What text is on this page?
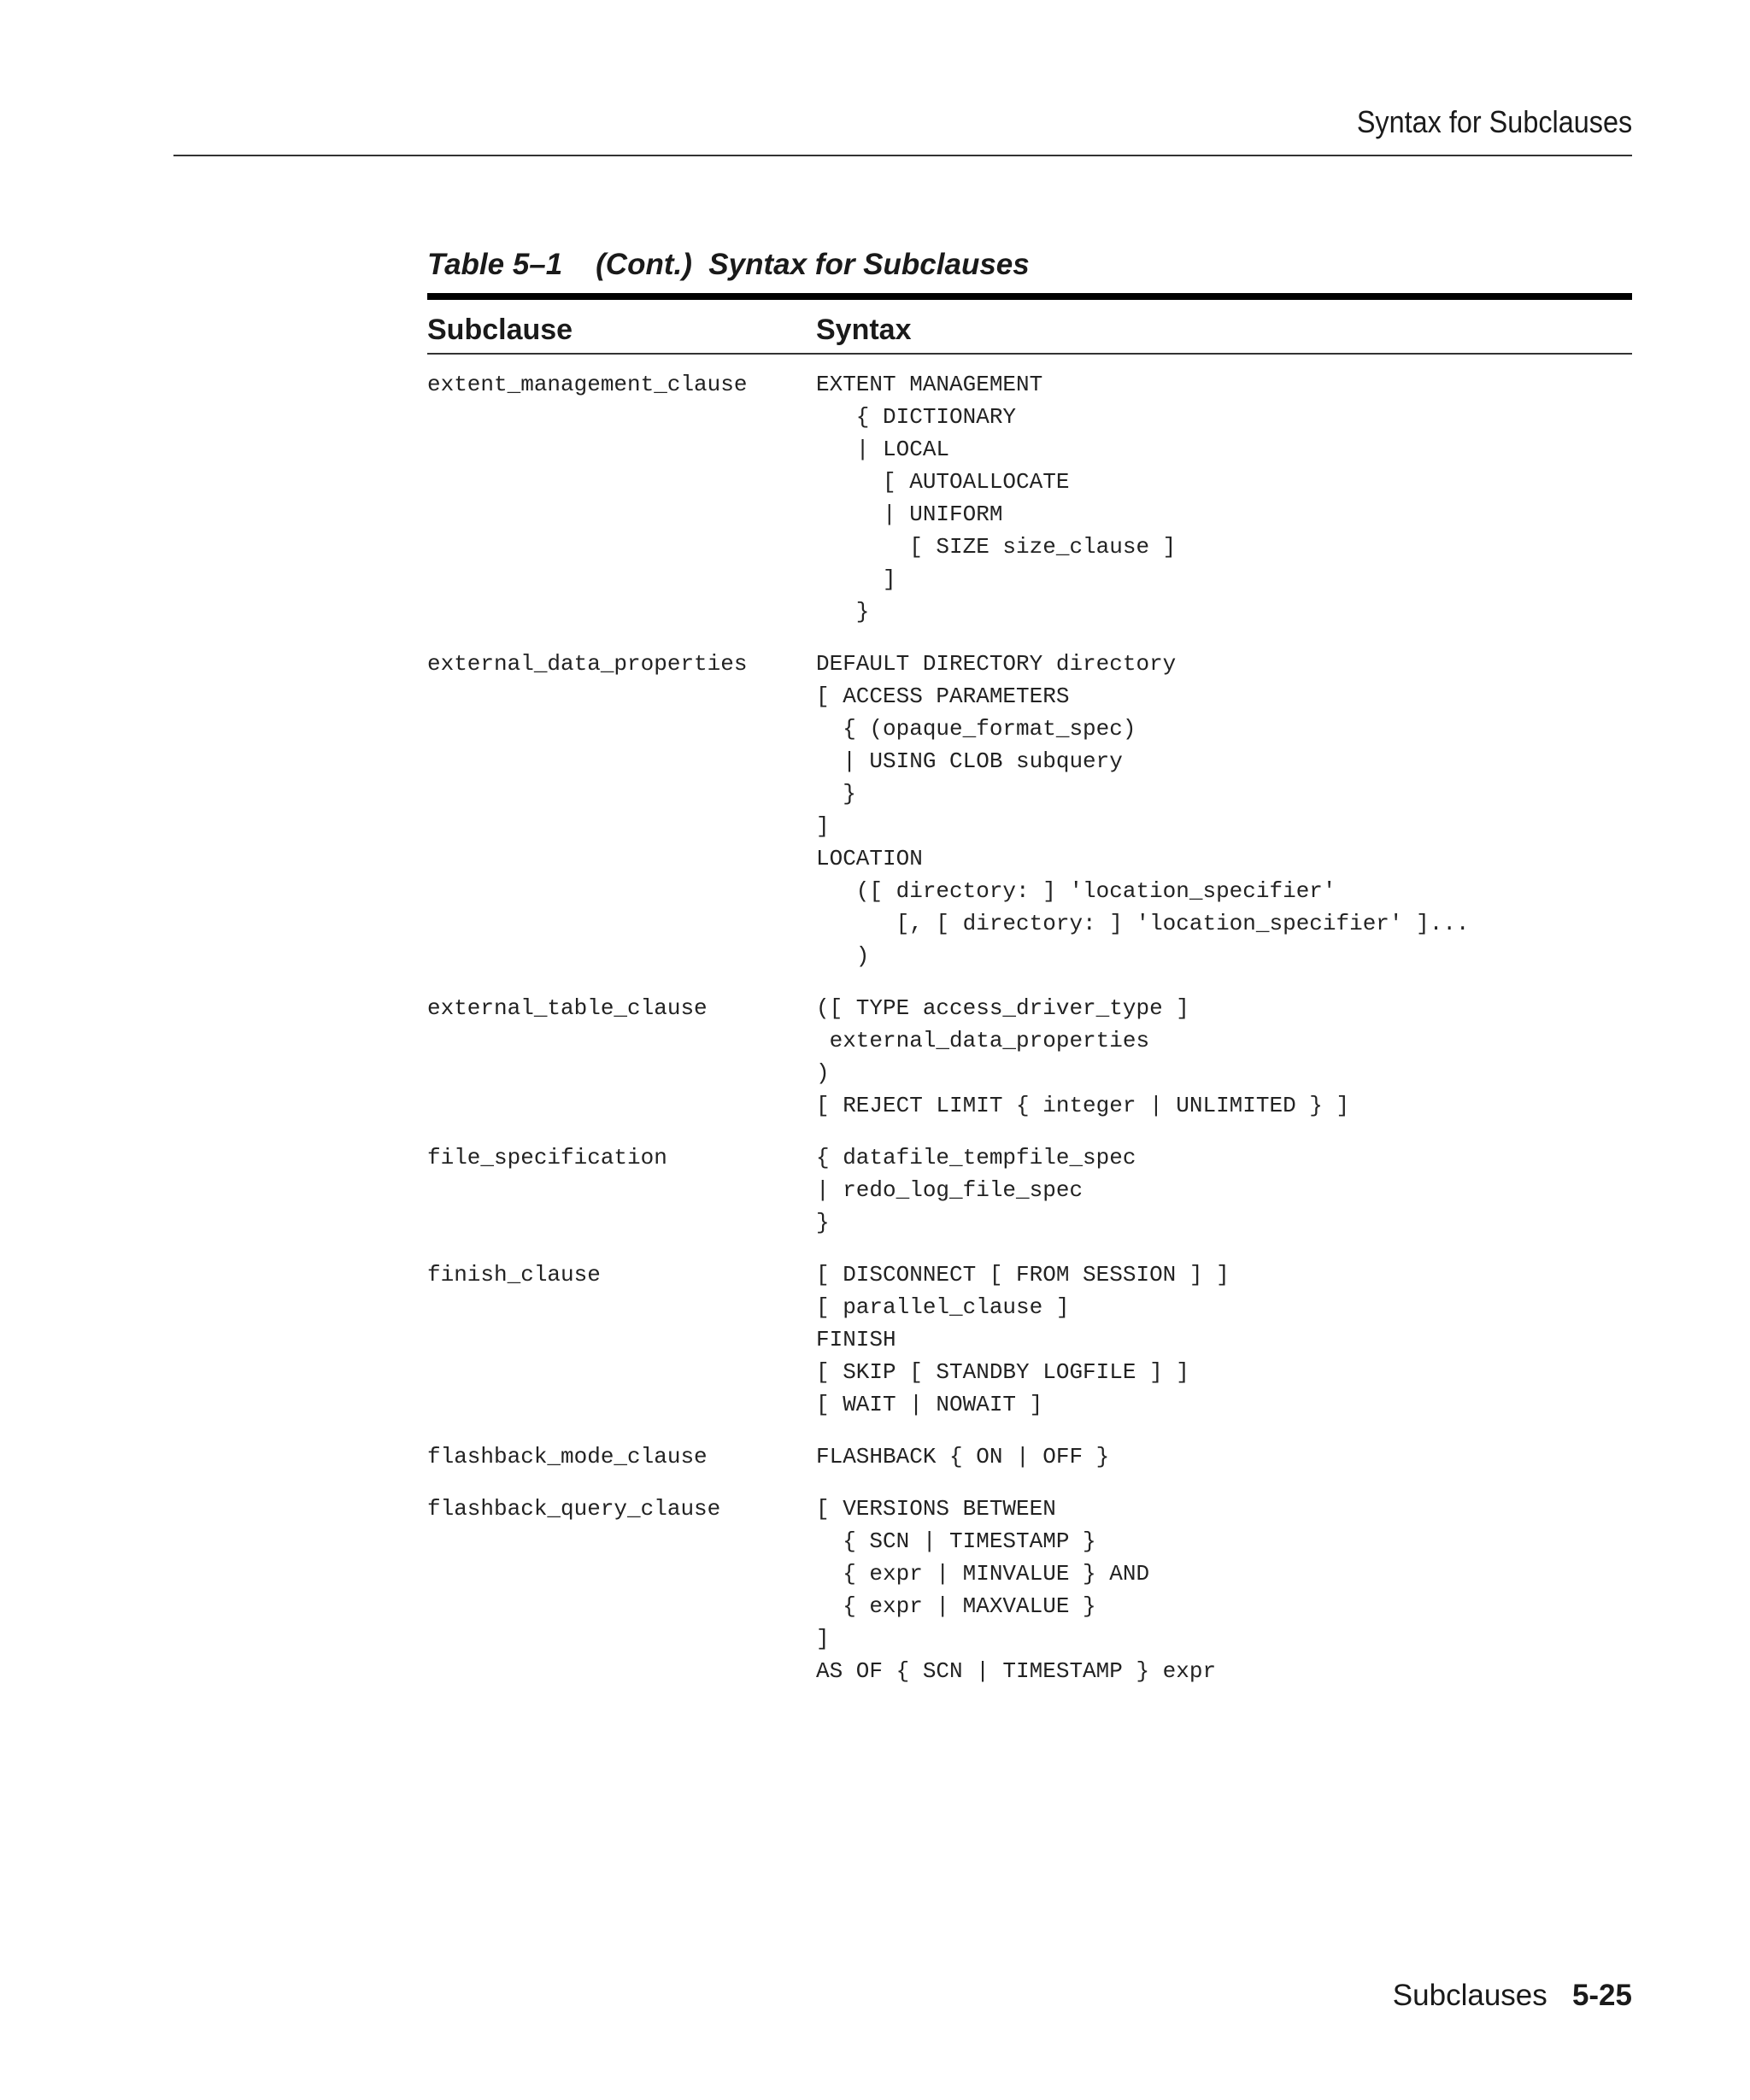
Syntax for Subclauses
Table 5–1    (Cont.)  Syntax for Subclauses
Subclause	Syntax
extent_management_clause	EXTENT MANAGEMENT
{ DICTIONARY
| LOCAL
[ AUTOALLOCATE
| UNIFORM
[ SIZE size_clause ]
]
}
external_data_properties	DEFAULT DIRECTORY directory
[ ACCESS PARAMETERS
{ (opaque_format_spec)
| USING CLOB subquery
}
]
LOCATION
([ directory: ] 'location_specifier'
[, [ directory: ] 'location_specifier' ]...
)
external_table_clause	([ TYPE access_driver_type ]
external_data_properties
)
[ REJECT LIMIT { integer | UNLIMITED } ]
file_specification	{ datafile_tempfile_spec
| redo_log_file_spec
}
finish_clause	[ DISCONNECT [ FROM SESSION ] ]
[ parallel_clause ]
FINISH
[ SKIP [ STANDBY LOGFILE ] ]
[ WAIT | NOWAIT ]
flashback_mode_clause	FLASHBACK { ON | OFF }
flashback_query_clause	[ VERSIONS BETWEEN
{ SCN | TIMESTAMP }
{ expr | MINVALUE } AND
{ expr | MAXVALUE }
]
AS OF { SCN | TIMESTAMP } expr
Subclauses 5-25
